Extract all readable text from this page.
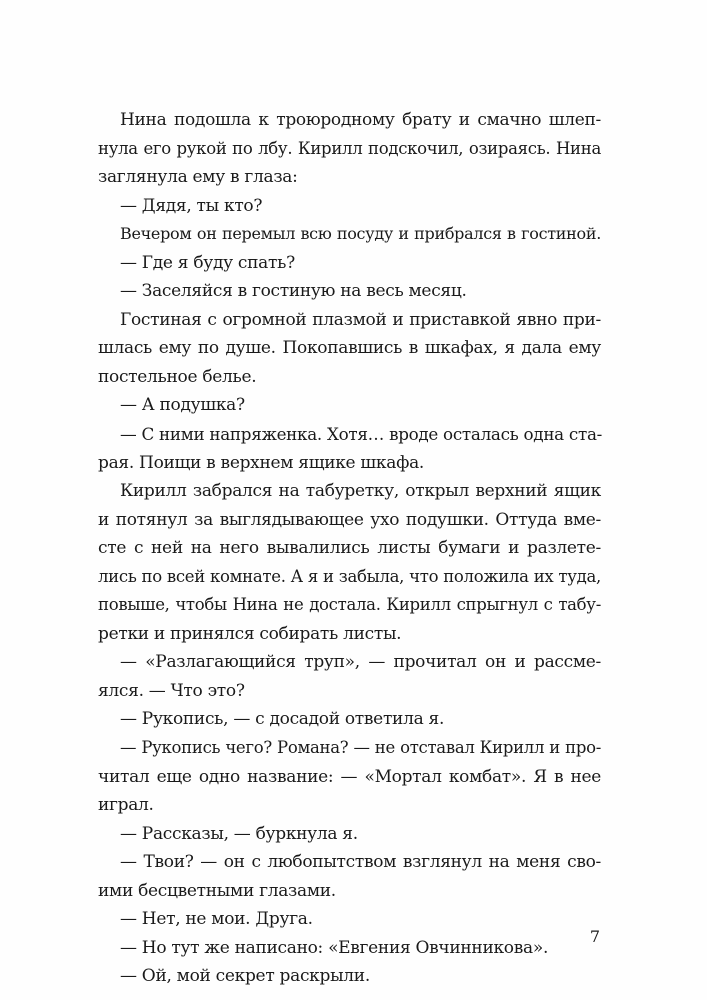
Нина подошла к троюродному брату и смачно шлеп-
нула его рукой по лбу. Кирилл подскочил, озираясь. Нина
заглянула ему в глаза:
— Дядя, ты кто?
Вечером он перемыл всю посуду и прибрался в гостиной.
— Где я буду спать?
— Заселяйся в гостиную на весь месяц.
Гостиная с огромной плазмой и приставкой явно при-
шлась ему по душе. Покопавшись в шкафах, я дала ему
постельное белье.
— А подушка?
— С ними напряженка. Хотя… вроде осталась одна ста-
рая. Поищи в верхнем ящике шкафа.
Кирилл забрался на табуретку, открыл верхний ящик
и потянул за выглядывающее ухо подушки. Оттуда вме-
сте с ней на него вывалились листы бумаги и разлете-
лись по всей комнате. А я и забыла, что положила их туда,
повыше, чтобы Нина не достала. Кирилл спрыгнул с табу-
ретки и принялся собирать листы.
— «Разлагающийся труп», — прочитал он и рассме-
ялся. — Что это?
— Рукопись, — с досадой ответила я.
— Рукопись чего? Романа? — не отставал Кирилл и про-
читал еще одно название: — «Мортал комбат». Я в нее
играл.
— Рассказы, — буркнула я.
— Твои? — он с любопытством взглянул на меня сво-
ими бесцветными глазами.
— Нет, не мои. Друга.
— Но тут же написано: «Евгения Овчинникова».
— Ой, мой секрет раскрыли.
7
